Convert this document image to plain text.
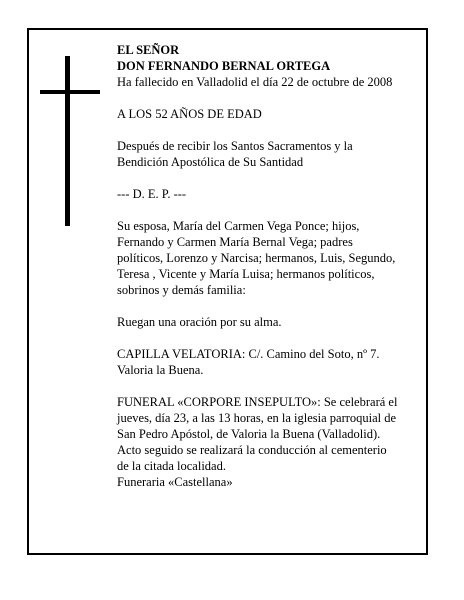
EL SEÑOR
DON FERNANDO BERNAL ORTEGA
Ha fallecido en Valladolid el día 22 de octubre de 2008
A LOS 52 AÑOS DE EDAD
Después de recibir los Santos Sacramentos y la
Bendición Apostólica de Su Santidad
--- D. E. P. ---
Su esposa, María del Carmen Vega Ponce; hijos,
Fernando y Carmen María Bernal Vega; padres
políticos, Lorenzo y Narcisa; hermanos, Luis, Segundo,
Teresa , Vicente y María Luisa; hermanos políticos,
sobrinos y demás familia:
Ruegan una oración por su alma.
CAPILLA VELATORIA: C/. Camino del Soto, nº 7.
Valoria la Buena.
FUNERAL «CORPORE INSEPULTO»: Se celebrará el
jueves, día 23, a las 13 horas, en la iglesia parroquial de
San Pedro Apóstol, de Valoria la Buena (Valladolid).
Acto seguido se realizará la conducción al cementerio
de la citada localidad.
Funeraria «Castellana»
